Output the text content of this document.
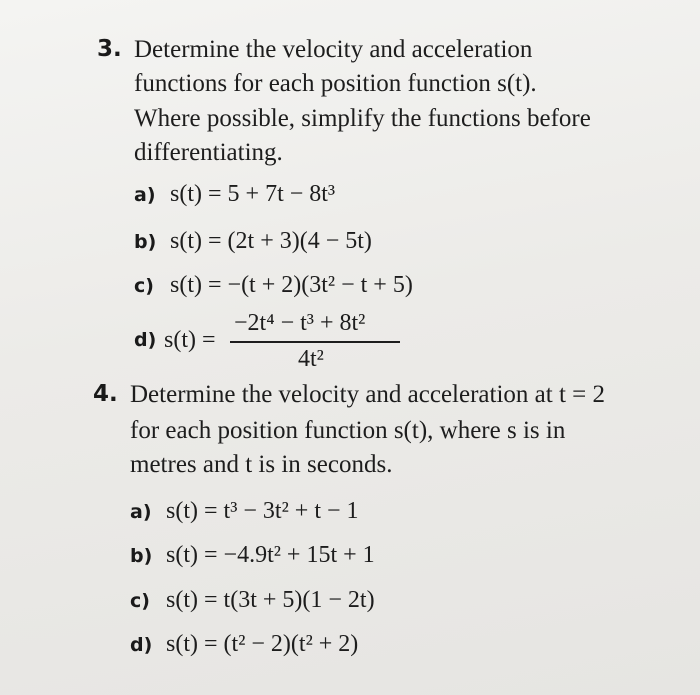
3. Determine the velocity and acceleration
functions for each position function s(t).
Where possible, simplify the functions before
differentiating.
a) s(t) = 5 + 7t − 8t³
b) s(t) = (2t + 3)(4 − 5t)
c) s(t) = −(t + 2)(3t² − t + 5)
d) s(t) =
−2t⁴ − t³ + 8t²
4t²
4. Determine the velocity and acceleration at t = 2
for each position function s(t), where s is in
metres and t is in seconds.
a) s(t) = t³ − 3t² + t − 1
b) s(t) = −4.9t² + 15t + 1
c) s(t) = t(3t + 5)(1 − 2t)
d) s(t) = (t² − 2)(t² + 2)
